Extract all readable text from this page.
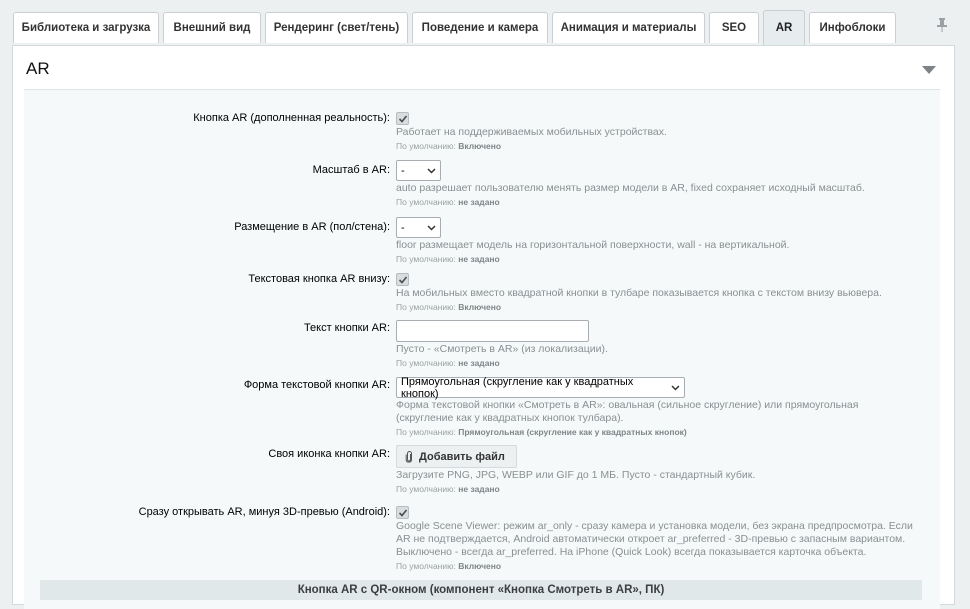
Библиотека и загрузка	Внешний вид	Рендеринг (свет/тень)	Поведение и камера	Анимация и материалы	SEO	AR	Инфоблоки
AR
Кнопка AR (дополненная реальность):
Работает на поддерживаемых мобильных устройствах.
По умолчанию: Включено
Масштаб в AR: -
auto разрешает пользователю менять размер модели в AR, fixed сохраняет исходный масштаб.
По умолчанию: не задано
Размещение в AR (пол/стена): -
floor размещает модель на горизонтальной поверхности, wall - на вертикальной.
По умолчанию: не задано
Текстовая кнопка AR внизу:
На мобильных вместо квадратной кнопки в тулбаре показывается кнопка с текстом внизу вьювера.
По умолчанию: Включено
Текст кнопки AR:
Пусто - «Смотреть в AR» (из локализации).
По умолчанию: не задано
Форма текстовой кнопки AR: Прямоугольная (скругление как у квадратных кнопок)
Форма текстовой кнопки «Смотреть в AR»: овальная (сильное скругление) или прямоугольная (скругление как у квадратных кнопок тулбара).
По умолчанию: Прямоугольная (скругление как у квадратных кнопок)
Своя иконка кнопки AR:	Добавить файл
Загрузите PNG, JPG, WEBP или GIF до 1 МБ. Пусто - стандартный кубик.
По умолчанию: не задано
Сразу открывать AR, минуя 3D-превью (Android):
Google Scene Viewer: режим ar_only - сразу камера и установка модели, без экрана предпросмотра. Если AR не подтверждается, Android автоматически откроет ar_preferred - 3D-превью с запасным вариантом. Выключено - всегда ar_preferred. На iPhone (Quick Look) всегда показывается карточка объекта.
По умолчанию: Включено
Кнопка AR с QR-окном (компонент «Кнопка Смотреть в AR», ПК)
